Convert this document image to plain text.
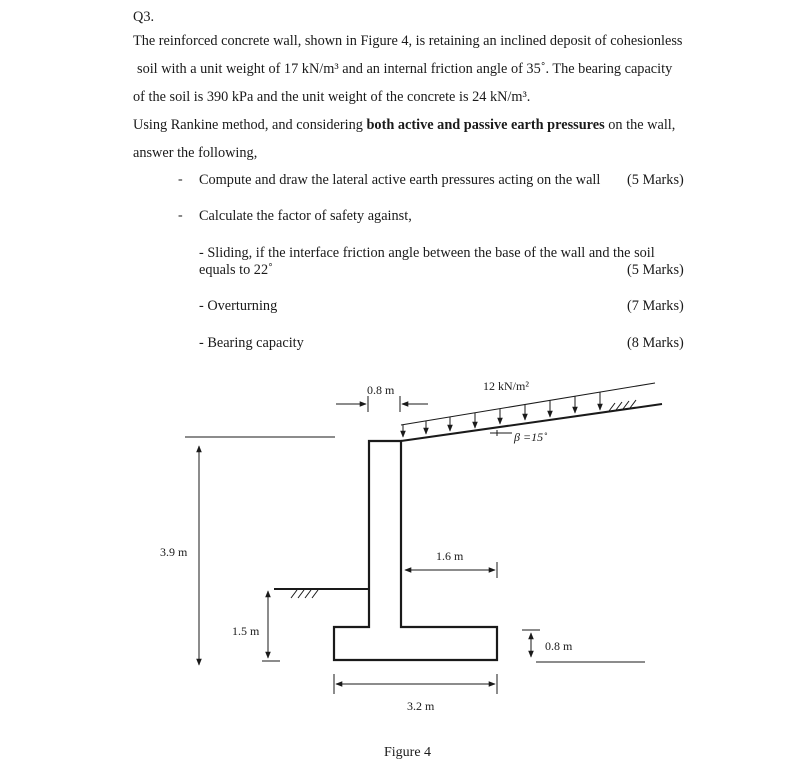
Q3.
The reinforced concrete wall, shown in Figure 4, is retaining an inclined deposit of cohesionless
soil with a unit weight of 17 kN/m³ and an internal friction angle of 35˚. The bearing capacity
of the soil is 390 kPa and the unit weight of the concrete is 24 kN/m³.
Using Rankine method, and considering both active and passive earth pressures on the wall,
answer the following,
- Compute and draw the lateral active earth pressures acting on the wall (5 Marks)
- Calculate the factor of safety against,
- Sliding, if the interface friction angle between the base of the wall and the soil
equals to 22˚	(5 Marks)
- Overturning	(7 Marks)
- Bearing capacity	(8 Marks)
0.8 m	12 kN/m²
β =15˚
3.9 m	1.6 m
1.5 m
0.8 m
3.2 m
Figure 4
